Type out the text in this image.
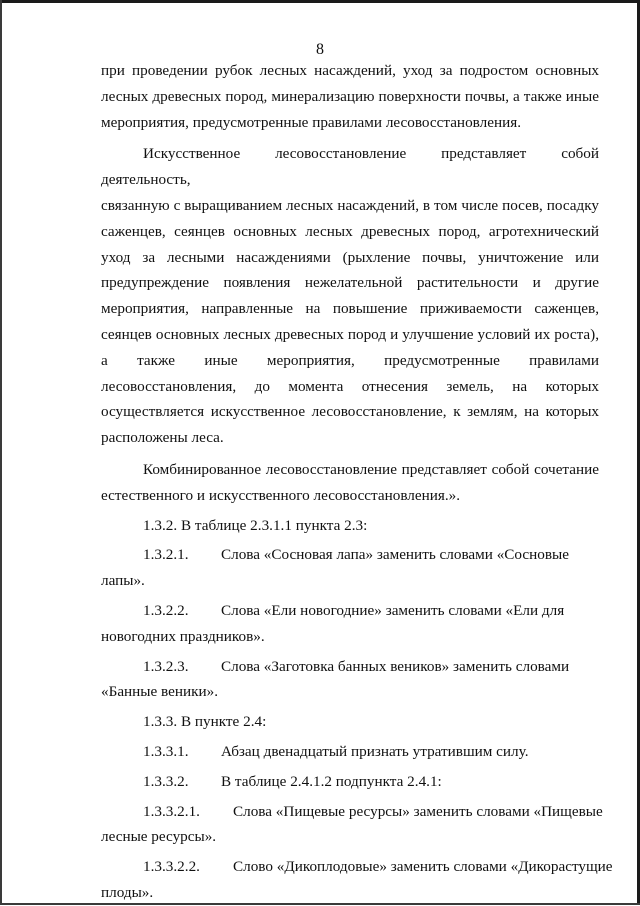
8

при проведении рубок лесных насаждений, уход за подростом основных

лесных древесных пород, минерализацию поверхности почвы, а также иные

мероприятия, предусмотренные правилами лесовосстановления.

Искусственное лесовосстановление представляет собой деятельность,

связанную с выращиванием лесных насаждений, в том числе посев, посадку

саженцев, сеянцев основных лесных древесных пород, агротехнический

уход за лесными насаждениями (рыхление почвы, уничтожение или

предупреждение появления нежелательной растительности и другие

мероприятия, направленные на повышение приживаемости саженцев,

сеянцев основных лесных древесных пород и улучшение условий их роста),

а также иные мероприятия, предусмотренные правилами

лесовосстановления, до момента отнесения земель, на которых

осуществляется искусственное лесовосстановление, к землям, на которых

расположены леса.

Комбинированное лесовосстановление представляет собой сочетание

естественного и искусственного лесовосстановления.».

1.3.2. В таблице 2.3.1.1 пункта 2.3:

1.3.2.1.	Слова «Сосновая лапа» заменить словами «Сосновые

лапы».

1.3.2.2.	Слова «Ели новогодние» заменить словами «Ели для

новогодних праздников».

1.3.2.3.	Слова «Заготовка банных веников» заменить словами

«Банные веники».

1.3.3. В пункте 2.4:

1.3.3.1.	Абзац двенадцатый признать утратившим силу.
1.3.3.2.	В таблице 2.4.1.2 подпункта 2.4.1:
1.3.3.2.1.	Слова «Пищевые ресурсы» заменить словами «Пищевые

лесные ресурсы».

1.3.3.2.2.	Слово «Дикоплодовые» заменить словами «Дикорастущие

плоды».
